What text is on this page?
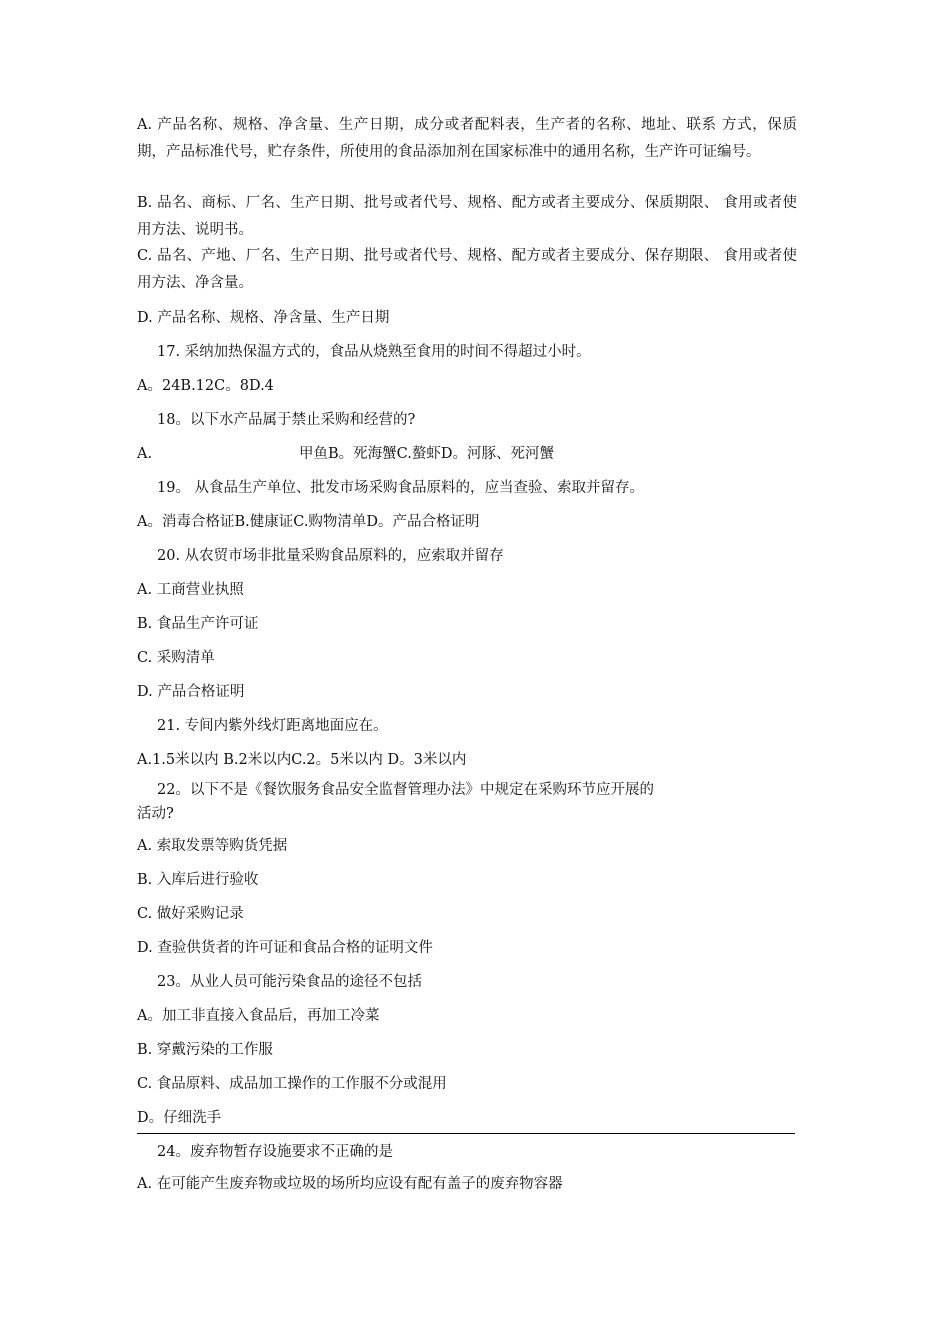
A. 产品名称、规格、净含量、生产日期，成分或者配料表，生产者的名称、地址、联系 方式，保质期，产品标准代号，贮存条件，所使用的食品添加剂在国家标准中的通用名称，生产许可证编号。
B. 品名、商标、厂名、生产日期、批号或者代号、规格、配方或者主要成分、保质期限、 食用或者使用方法、说明书。
C. 品名、产地、厂名、生产日期、批号或者代号、规格、配方或者主要成分、保存期限、 食用或者使用方法、净含量。
D. 产品名称、规格、净含量、生产日期
17. 采纳加热保温方式的，食品从烧熟至食用的时间不得超过小时。
A。24B.12C。8D.4
18。以下水产品属于禁止采购和经营的?
A.	甲鱼B。死海蟹C.螯虾D。河豚、死河蟹
19。 从食品生产单位、批发市场采购食品原料的，应当查验、索取并留存。
A。消毒合格证B.健康证C.购物清单D。产品合格证明
20. 从农贸市场非批量采购食品原料的，应索取并留存
A. 工商营业执照
B. 食品生产许可证
C. 采购清单
D. 产品合格证明
21. 专间内紫外线灯距离地面应在。
A.1.5米以内 B.2米以内C.2。5米以内 D。3米以内
22。以下不是《餐饮服务食品安全监督管理办法》中规定在采购环节应开展的
活动?
A. 索取发票等购货凭据
B. 入库后进行验收
C. 做好采购记录
D. 查验供货者的许可证和食品合格的证明文件
23。从业人员可能污染食品的途径不包括
A。加工非直接入食品后，再加工冷菜
B. 穿戴污染的工作服
C. 食品原料、成品加工操作的工作服不分或混用
D。仔细洗手
24。废弃物暂存设施要求不正确的是
A. 在可能产生废弃物或垃圾的场所均应设有配有盖子的废弃物容器
